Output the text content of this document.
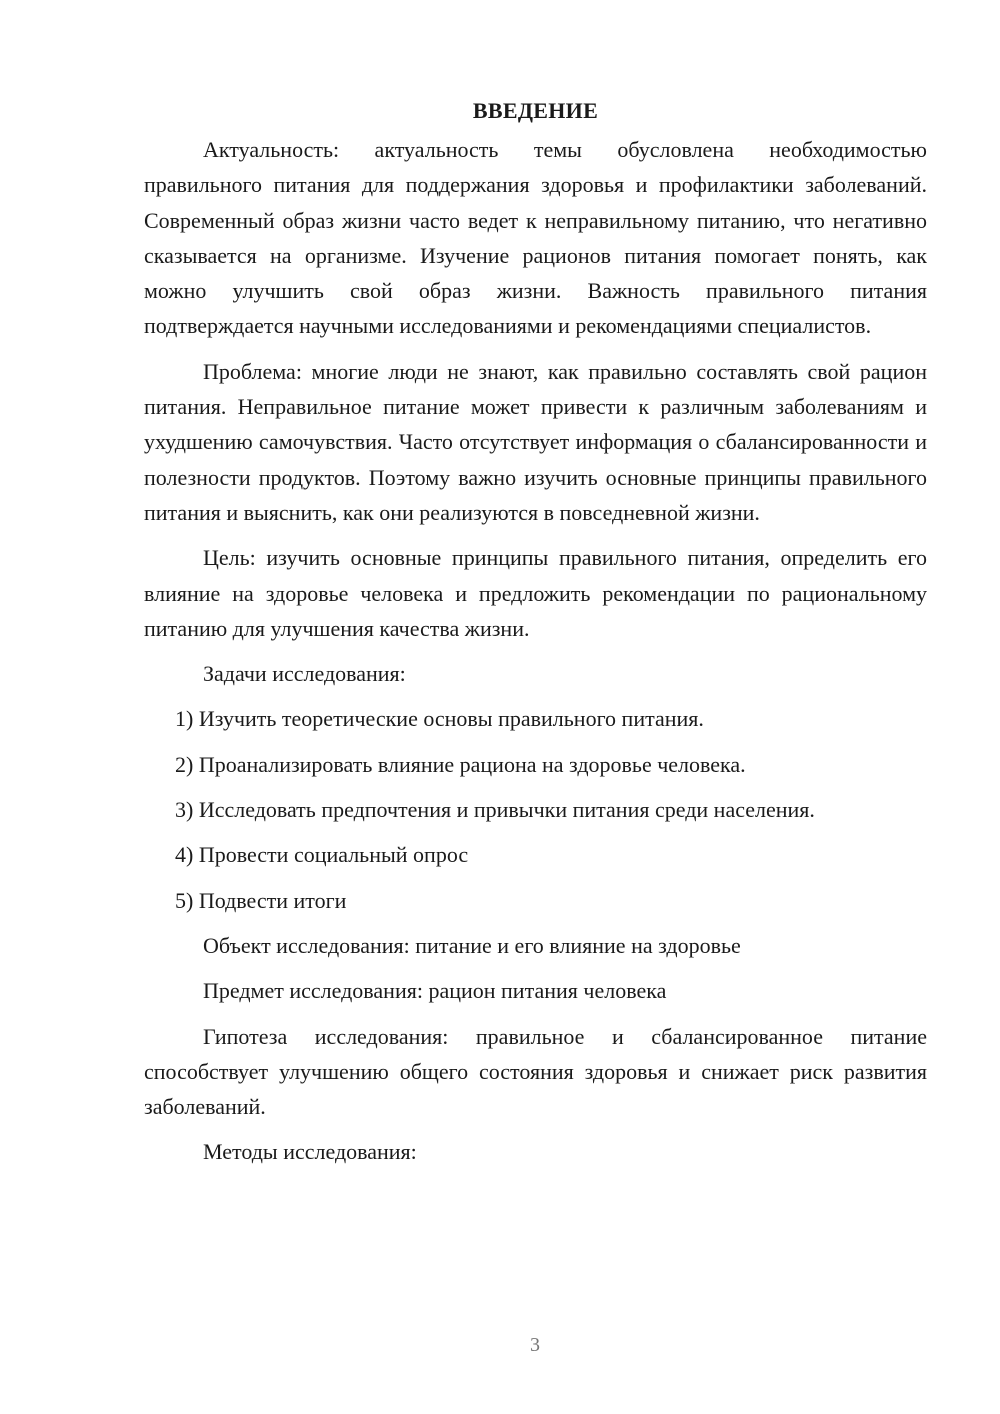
ВВЕДЕНИЕ

Актуальность: актуальность темы обусловлена необходимостью правильного питания для поддержания здоровья и профилактики заболеваний. Современный образ жизни часто ведет к неправильному питанию, что негативно сказывается на организме. Изучение рационов питания помогает понять, как можно улучшить свой образ жизни. Важность правильного питания подтверждается научными исследованиями и рекомендациями специалистов.

Проблема: многие люди не знают, как правильно составлять свой рацион питания. Неправильное питание может привести к различным заболеваниям и ухудшению самочувствия. Часто отсутствует информация о сбалансированности и полезности продуктов. Поэтому важно изучить основные принципы правильного питания и выяснить, как они реализуются в повседневной жизни.

Цель: изучить основные принципы правильного питания, определить его влияние на здоровье человека и предложить рекомендации по рациональному питанию для улучшения качества жизни.

Задачи исследования:

1) Изучить теоретические основы правильного питания.
2) Проанализировать влияние рациона на здоровье человека.
3) Исследовать предпочтения и привычки питания среди населения.
4) Провести социальный опрос
5) Подвести итоги

Объект исследования: питание и его влияние на здоровье

Предмет исследования: рацион питания человека

Гипотеза исследования: правильное и сбалансированное питание способствует улучшению общего состояния здоровья и снижает риск развития заболеваний.

Методы исследования:

3
